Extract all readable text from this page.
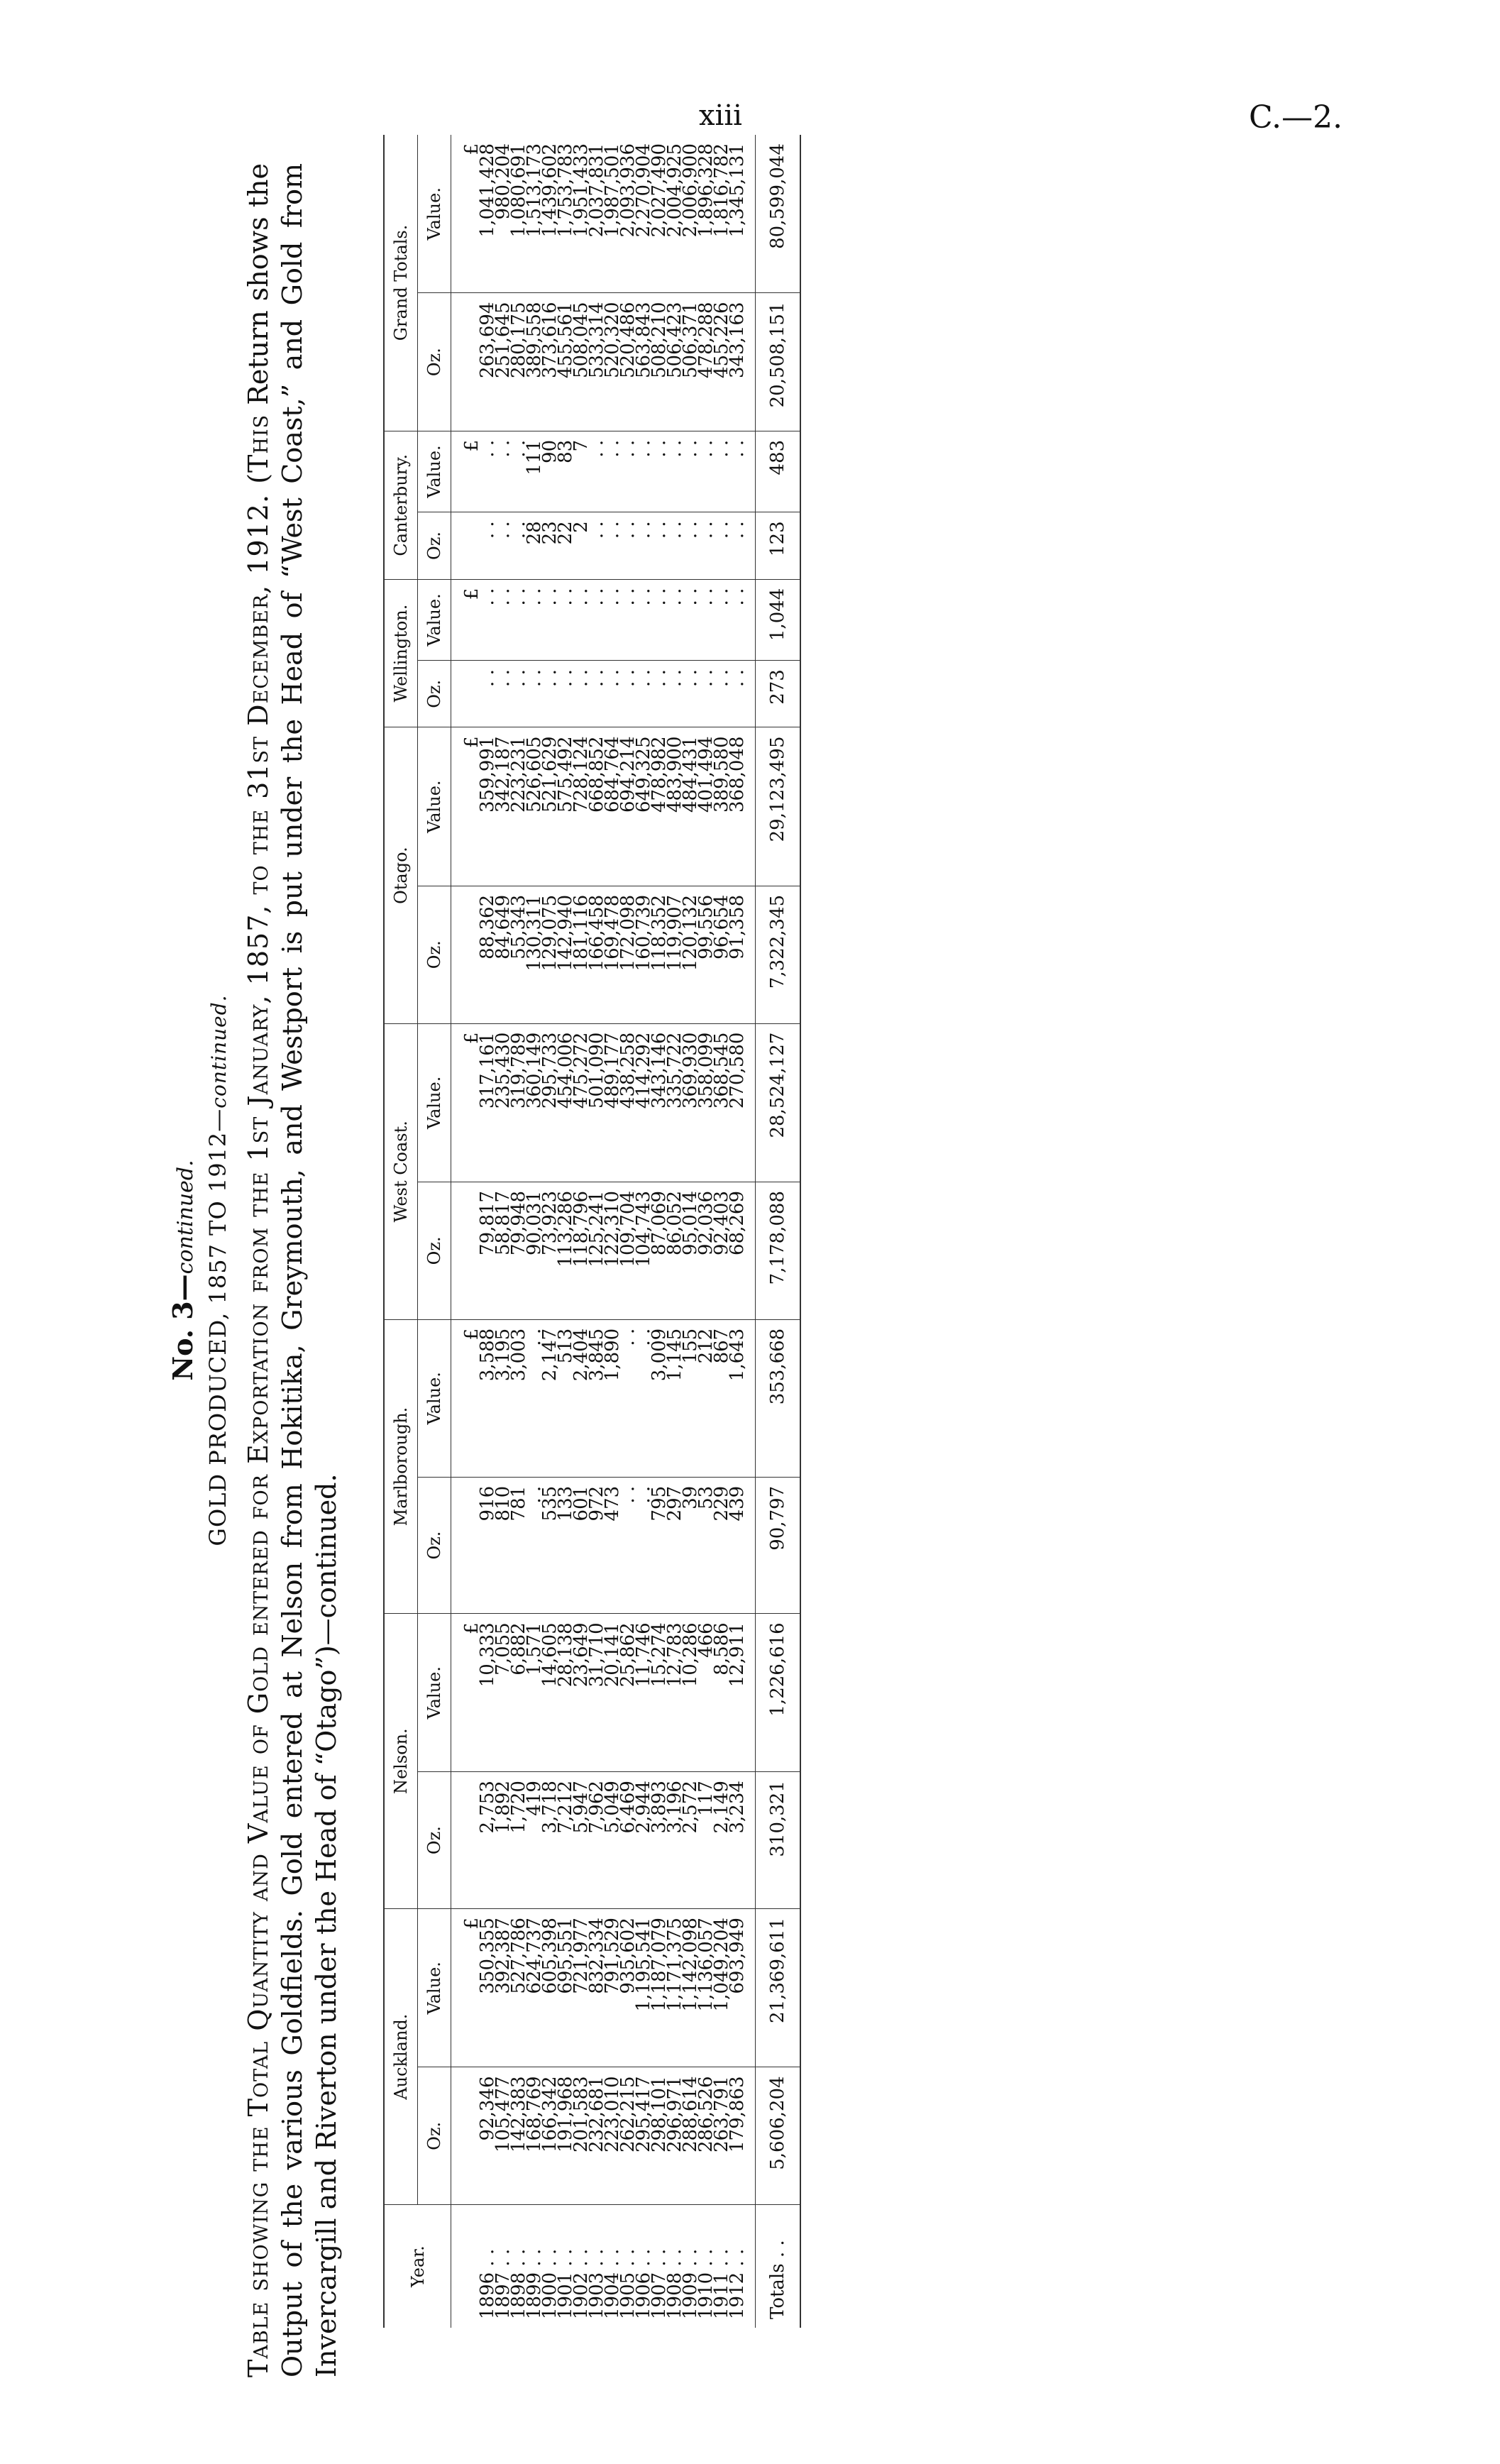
xiii	C.—2.
No. 3—continued. GOLD PRODUCED, 1857 TO 1912—continued.
Table showing the Total Quantity and Value of Gold entered for Exportation from the 1st January, 1857, to the 31st December, 1912. (This Return shows the Output of the various Goldfields. Gold entered at Nelson from Hokitika, Greymouth, and Westport is put under the Head of “West Coast,” and Gold from Invercargill and Riverton under the Head of “Otago”)—continued.	Year.	Auckland.		Nelson.		Marlborough.		West Coast.		Otago.		Wellington.		Canterbury.		Grand Totals.	
	Oz.	Value.	Oz.	Value.	Oz.	Value.	Oz.	Value.	Oz.	Value.	Oz.	Value.	Oz.	Value.	Oz.	Value.
		£		£		£		£		£		£		£		£
1896 . .	92,346	350,355	2,753	10,333	916	3,588	79,817	317,161	88,362	359,991	. .	. .	. .	. .	263,694	1,041,428
1897 . .	105,477	392,387	1,892	7,055	810	3,195	58,817	235,430	84,649	342,187	. .	. .	. .	. .	251,645	980,204
1898 . .	142,383	527,786	1,720	6,882	781	3,003	79,948	319,789	55,343	223,231	. .	. .	. .	. .	280,175	1,080,691
1899 . .	168,769	624,737	419	1,571	. .	. .	90,031	360,149	130,311	526,605	. .	. .	28	111	389,558	1,513,173
1900 . .	166,342	605,398	3,718	14,605	535	2,147	73,923	295,733	129,075	521,629	. .	. .	23	90	373,616	1,439,602
1901 . .	191,968	695,551	7,212	28,138	133	513	113,286	454,006	142,940	575,492	. .	. .	22	83	455,561	1,753,783
1902 . .	201,583	721,977	5,947	23,649	601	2,404	118,796	475,272	181,116	728,124	. .	. .	2	7	508,045	1,951,433
1903 . .	232,681	832,334	7,962	31,710	972	3,845	125,241	501,090	166,458	668,852	. .	. .	. .	. .	533,314	2,037,831
1904 . .	223,010	791,529	5,049	20,141	473	1,890	122,310	489,177	169,478	684,764	. .	. .	. .	. .	520,320	1,987,501
1905 . .	262,215	935,602	6,469	25,862	. .	. .	109,704	438,258	172,098	694,214	. .	. .	. .	. .	520,486	2,093,936
1906 . .	295,417	1,195,541	2,944	11,746	. .	. .	104,743	414,292	160,739	649,325	. .	. .	. .	. .	563,843	2,270,904
1907 . .	298,101	1,187,079	3,893	15,274	795	3,009	87,069	343,146	118,352	478,982	. .	. .	. .	. .	508,210	2,027,490
1908 . .	296,971	1,171,375	3,196	12,783	297	1,145	86,052	335,722	119,907	483,900	. .	. .	. .	. .	506,423	2,004,925
1909 . .	288,614	1,142,098	2,572	10,286	39	155	95,014	369,930	120,132	484,431	. .	. .	. .	. .	506,371	2,006,900
1910 . .	286,526	1,136,057	117	466	53	212	92,036	358,099	99,556	401,494	. .	. .	. .	. .	478,288	1,896,328
1911 . .	263,791	1,049,204	2,149	8,586	229	867	92,403	368,545	96,654	389,580	. .	. .	. .	. .	455,226	1,816,782
1912 . .	179,863	693,949	3,234	12,911	439	1,643	68,269	270,580	91,358	368,048	. .	. .	. .	. .	343,163	1,345,131
Totals . .	5,606,204	21,369,611	310,321	1,226,616	90,797	353,668	7,178,088	28,524,127	7,322,345	29,123,495	273	1,044	123	483	20,508,151	80,599,044
